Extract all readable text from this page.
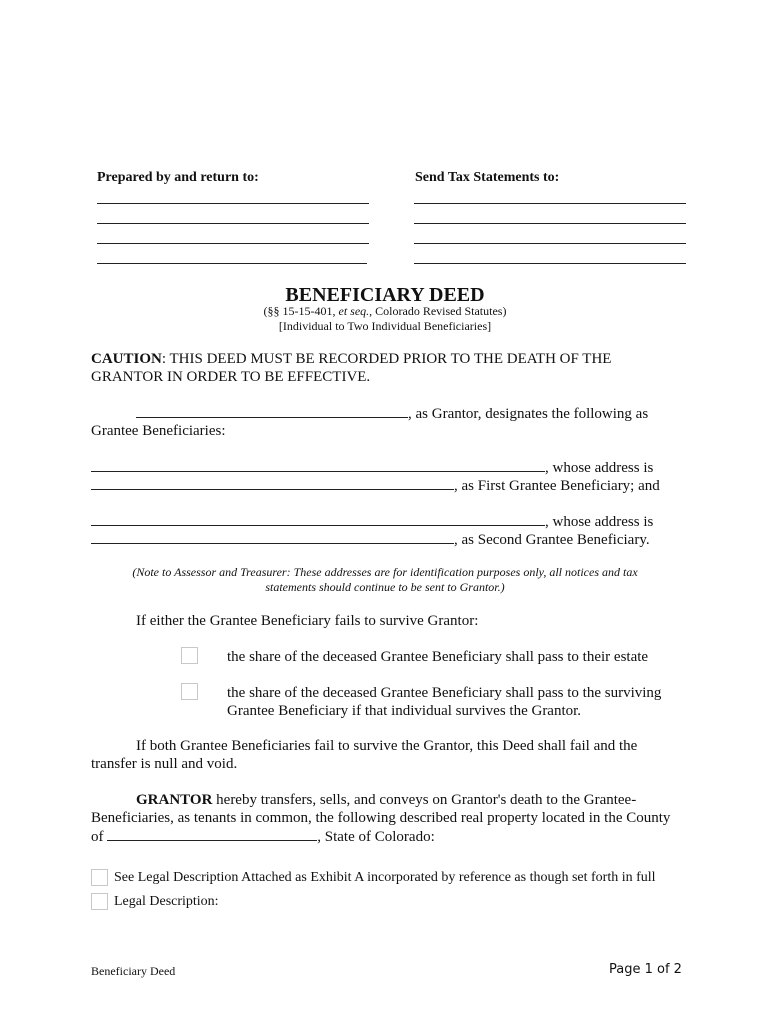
Prepared by and return to:	Send Tax Statements to:
BENEFICIARY DEED
(§§ 15-15-401, et seq., Colorado Revised Statutes)
[Individual to Two Individual Beneficiaries]
CAUTION: THIS DEED MUST BE RECORDED PRIOR TO THE DEATH OF THE
GRANTOR IN ORDER TO BE EFFECTIVE.
, as Grantor, designates the following as
Grantee Beneficiaries:
, whose address is
, as First Grantee Beneficiary; and
, whose address is
, as Second Grantee Beneficiary.
(Note to Assessor and Treasurer: These addresses are for identification purposes only, all notices and tax
statements should continue to be sent to Grantor.)
If either the Grantee Beneficiary fails to survive Grantor:
the share of the deceased Grantee Beneficiary shall pass to their estate
the share of the deceased Grantee Beneficiary shall pass to the surviving
Grantee Beneficiary if that individual survives the Grantor.
If both Grantee Beneficiaries fail to survive the Grantor, this Deed shall fail and the
transfer is null and void.
GRANTOR hereby transfers, sells, and conveys on Grantor's death to the Grantee-
Beneficiaries, as tenants in common, the following described real property located in the County
of	, State of Colorado:
See Legal Description Attached as Exhibit A incorporated by reference as though set forth in full
Legal Description:
Beneficiary Deed	Page 1 of 2
